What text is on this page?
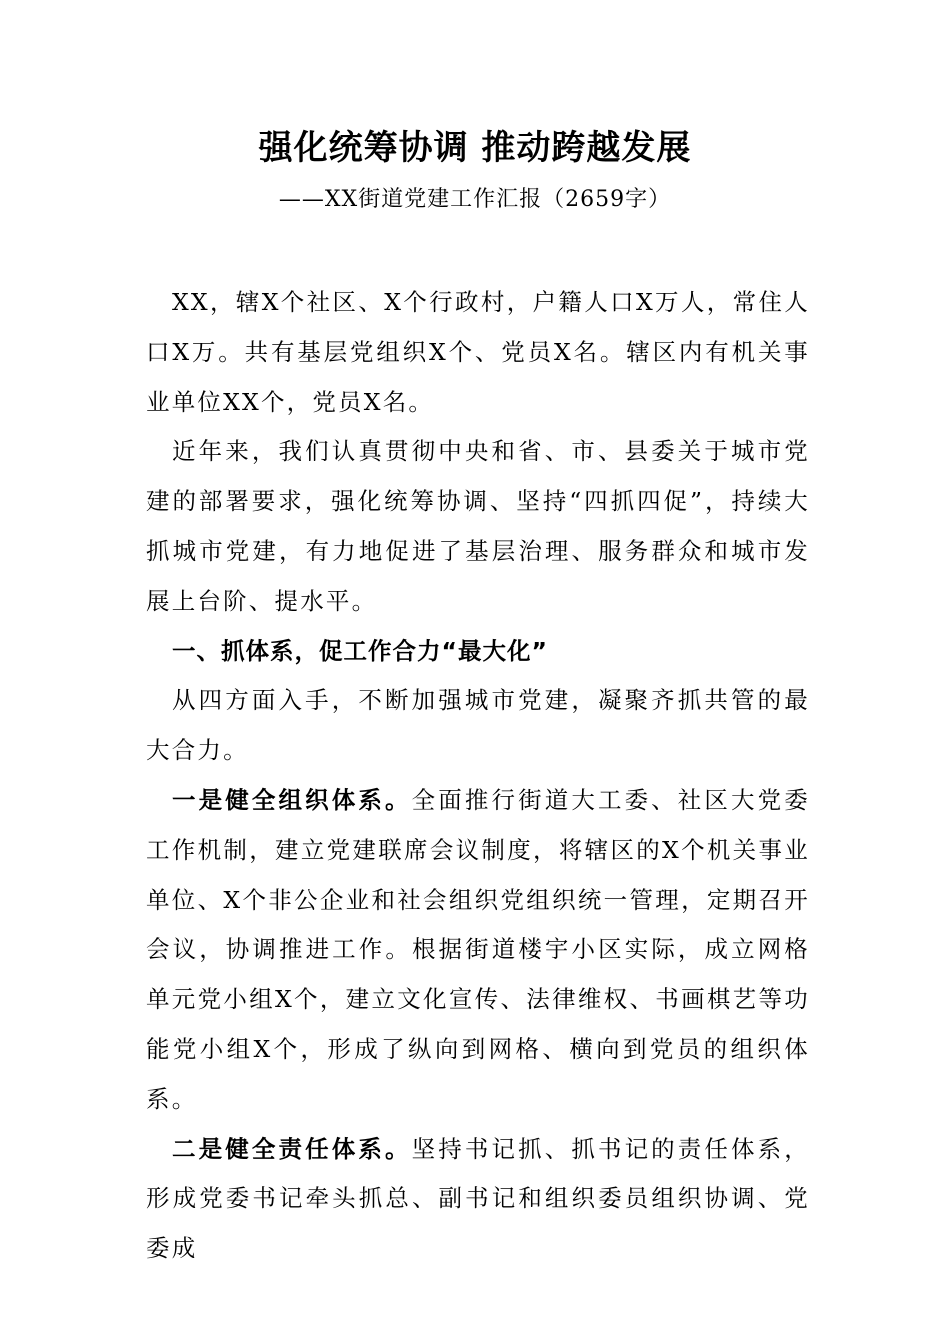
强化统筹协调 推动跨越发展
——XX街道党建工作汇报（2659字）

XX，辖X个社区、X个行政村，户籍人口X万人，常住人口X万。共有基层党组织X个、党员X名。辖区内有机关事业单位XX个，党员X名。

近年来，我们认真贯彻中央和省、市、县委关于城市党建的部署要求，强化统筹协调、坚持“四抓四促”，持续大抓城市党建，有力地促进了基层治理、服务群众和城市发展上台阶、提水平。

一、抓体系，促工作合力“最大化”

从四方面入手，不断加强城市党建，凝聚齐抓共管的最大合力。

一是健全组织体系。全面推行街道大工委、社区大党委工作机制，建立党建联席会议制度，将辖区的X个机关事业单位、X个非公企业和社会组织党组织统一管理，定期召开会议，协调推进工作。根据街道楼宇小区实际，成立网格单元党小组X个，建立文化宣传、法律维权、书画棋艺等功能党小组X个，形成了纵向到网格、横向到党员的组织体系。

二是健全责任体系。坚持书记抓、抓书记的责任体系，形成党委书记牵头抓总、副书记和组织委员组织协调、党委成
